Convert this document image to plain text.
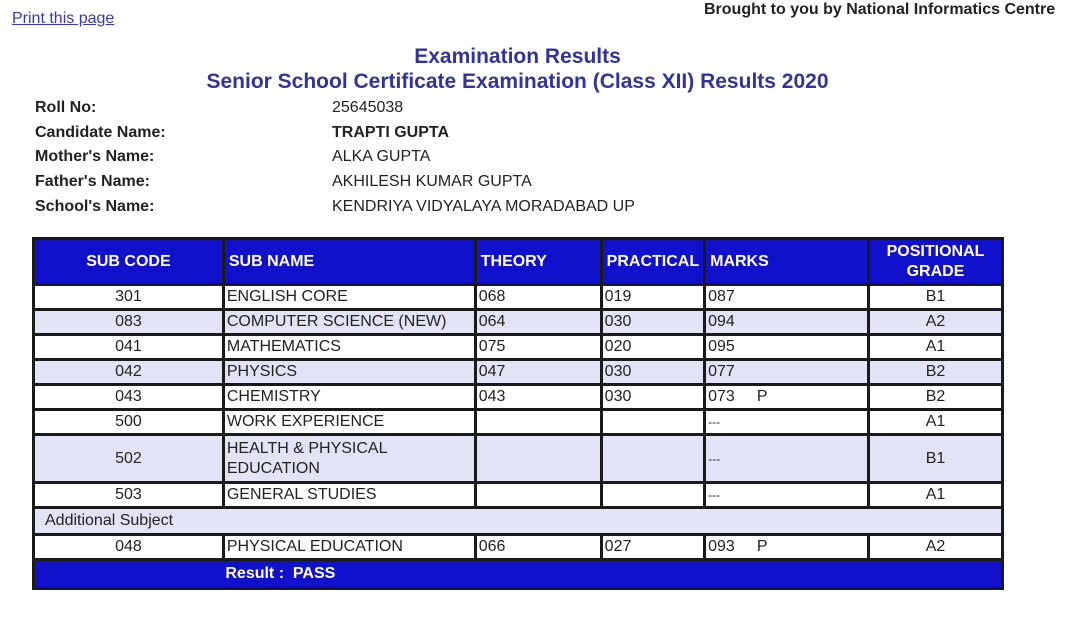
Print this page
Brought to you by National Informatics Centre
Examination Results
Senior School Certificate Examination (Class XII) Results 2020
Roll No:	25645038
Candidate Name:	TRAPTI GUPTA
Mother's Name:	ALKA GUPTA
Father's Name:	AKHILESH KUMAR GUPTA
School's Name:	KENDRIYA VIDYALAYA MORADABAD UP
SUB CODE	SUB NAME	THEORY	PRACTICAL	MARKS	POSITIONAL GRADE
301	ENGLISH CORE	068	019	087	B1
083	COMPUTER SCIENCE (NEW)	064	030	094	A2
041	MATHEMATICS	075	020	095	A1
042	PHYSICS	047	030	077	B2
043	CHEMISTRY	043	030	073 P	B2
500	WORK EXPERIENCE			---	A1
502	HEALTH & PHYSICAL EDUCATION			---	B1
503	GENERAL STUDIES			---	A1
Additional Subject					
048	PHYSICAL EDUCATION	066	027	093 P	A2
	Result : PASS				
